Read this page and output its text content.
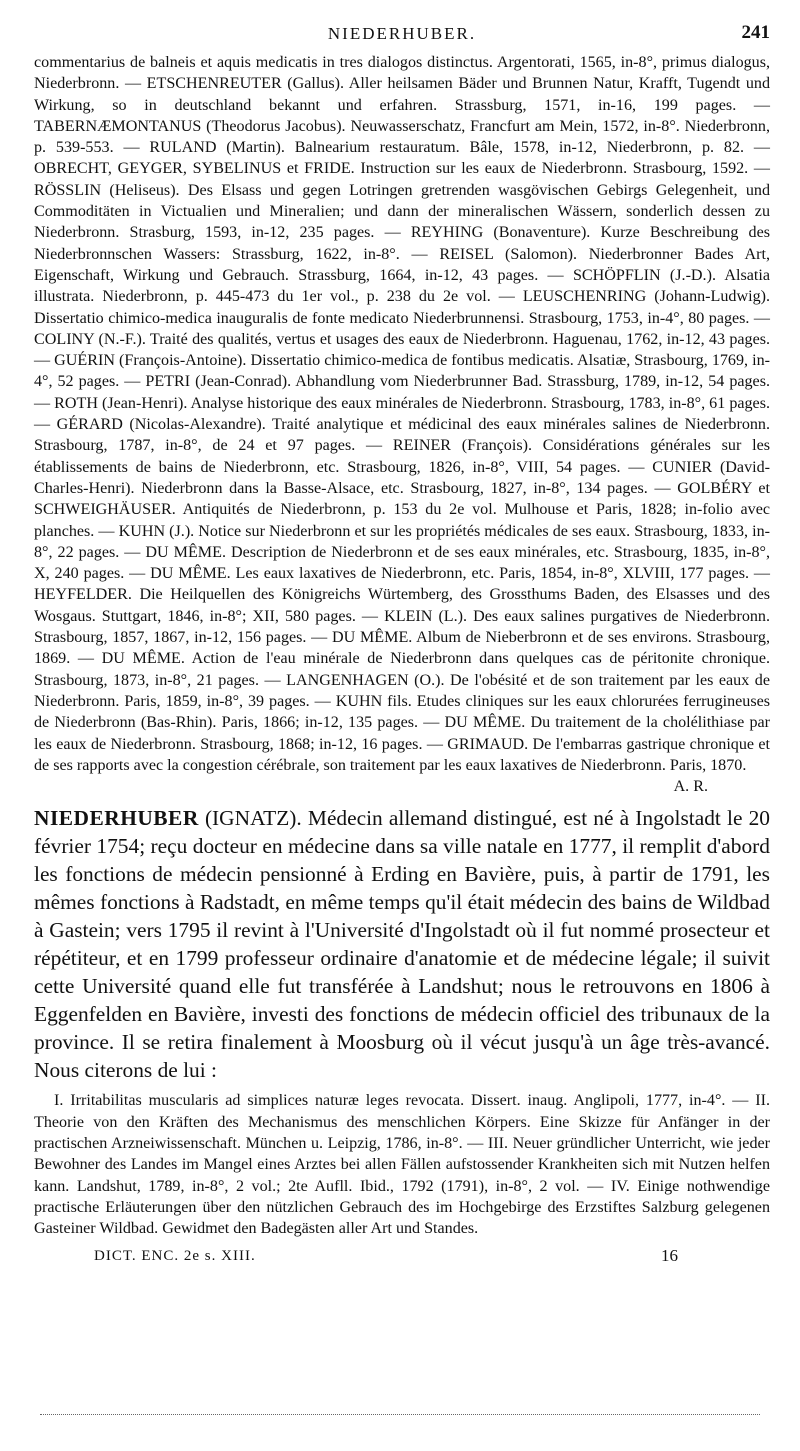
NIEDERHUBER.	241

commentarius de balneis et aquis medicatis in tres dialogos distinctus. Argentorati, 1565, in-8°, primus dialogus, Niederbronn. — ETSCHENREUTER (Gallus). Aller heilsamen Bäder und Brunnen Natur, Krafft, Tugendt und Wirkung, so in deutschland bekannt und erfahren. Strassburg, 1571, in-16, 199 pages. — TABERNÆMONTANUS (Theodorus Jacobus). Neuwasserschatz, Francfurt am Mein, 1572, in-8°. Niederbronn, p. 539-553. — RULAND (Martin). Balnearium restauratum. Bâle, 1578, in-12, Niederbronn, p. 82. — OBRECHT, GEYGER, SYBELINUS et FRIDE. Instruction sur les eaux de Niederbronn. Strasbourg, 1592. — RÖSSLIN (Heliseus). Des Elsass und gegen Lotringen gretrenden wasgövischen Gebirgs Gelegenheit, und Commoditäten in Victualien und Mineralien; und dann der mineralischen Wässern, sonderlich dessen zu Niederbronn. Strasburg, 1593, in-12, 235 pages. — REYHING (Bonaventure). Kurze Beschreibung des Niederbronnschen Wassers: Strassburg, 1622, in-8°. — REISEL (Salomon). Niederbronner Bades Art, Eigenschaft, Wirkung und Gebrauch. Strassburg, 1664, in-12, 43 pages. — SCHÖPFLIN (J.-D.). Alsatia illustrata. Niederbronn, p. 445-473 du 1er vol., p. 238 du 2e vol. — LEUSCHENRING (Johann-Ludwig). Dissertatio chimico-medica inauguralis de fonte medicato Niederbrunnensi. Strasbourg, 1753, in-4°, 80 pages. — COLINY (N.-F.). Traité des qualités, vertus et usages des eaux de Niederbronn. Haguenau, 1762, in-12, 43 pages. — GUÉRIN (François-Antoine). Dissertatio chimico-medica de fontibus medicatis. Alsatiæ, Strasbourg, 1769, in-4°, 52 pages. — PETRI (Jean-Conrad). Abhandlung vom Niederbrunner Bad. Strassburg, 1789, in-12, 54 pages. — ROTH (Jean-Henri). Analyse historique des eaux minérales de Niederbronn. Strasbourg, 1783, in-8°, 61 pages. — GÉRARD (Nicolas-Alexandre). Traité analytique et médicinal des eaux minérales salines de Niederbronn. Strasbourg, 1787, in-8°, de 24 et 97 pages. — REINER (François). Considérations générales sur les établissements de bains de Niederbronn, etc. Strasbourg, 1826, in-8°, VIII, 54 pages. — CUNIER (David-Charles-Henri). Niederbronn dans la Basse-Alsace, etc. Strasbourg, 1827, in-8°, 134 pages. — GOLBÉRY et SCHWEIGHÄUSER. Antiquités de Niederbronn, p. 153 du 2e vol. Mulhouse et Paris, 1828; in-folio avec planches. — KUHN (J.). Notice sur Niederbronn et sur les propriétés médicales de ses eaux. Strasbourg, 1833, in-8°, 22 pages. — DU MÊME. Description de Niederbronn et de ses eaux minérales, etc. Strasbourg, 1835, in-8°, X, 240 pages. — DU MÊME. Les eaux laxatives de Niederbronn, etc. Paris, 1854, in-8°, XLVIII, 177 pages. — HEYFELDER. Die Heilquellen des Königreichs Würtemberg, des Grossthums Baden, des Elsasses und des Wosgaus. Stuttgart, 1846, in-8°; XII, 580 pages. — KLEIN (L.). Des eaux salines purgatives de Niederbronn. Strasbourg, 1857, 1867, in-12, 156 pages. — DU MÊME. Album de Nieberbronn et de ses environs. Strasbourg, 1869. — DU MÊME. Action de l'eau minérale de Niederbronn dans quelques cas de péritonite chronique. Strasbourg, 1873, in-8°, 21 pages. — LANGENHAGEN (O.). De l'obésité et de son traitement par les eaux de Niederbronn. Paris, 1859, in-8°, 39 pages. — KUHN fils. Etudes cliniques sur les eaux chlorurées ferrugineuses de Niederbronn (Bas-Rhin). Paris, 1866; in-12, 135 pages. — DU MÊME. Du traitement de la cholélithiase par les eaux de Niederbronn. Strasbourg, 1868; in-12, 16 pages. — GRIMAUD. De l'embarras gastrique chronique et de ses rapports avec la congestion cérébrale, son traitement par les eaux laxatives de Niederbronn. Paris, 1870.

A. R.

NIEDERHUBER (IGNATZ). Médecin allemand distingué, est né à Ingolstadt le 20 février 1754; reçu docteur en médecine dans sa ville natale en 1777, il remplit d'abord les fonctions de médecin pensionné à Erding en Bavière, puis, à partir de 1791, les mêmes fonctions à Radstadt, en même temps qu'il était médecin des bains de Wildbad à Gastein; vers 1795 il revint à l'Université d'Ingolstadt où il fut nommé prosecteur et répétiteur, et en 1799 professeur ordinaire d'anatomie et de médecine légale; il suivit cette Université quand elle fut transférée à Landshut; nous le retrouvons en 1806 à Eggenfelden en Bavière, investi des fonctions de médecin officiel des tribunaux de la province. Il se retira finalement à Moosburg où il vécut jusqu'à un âge très-avancé. Nous citerons de lui :

I. Irritabilitas muscularis ad simplices naturæ leges revocata. Dissert. inaug. Anglipoli, 1777, in-4°. — II. Theorie von den Kräften des Mechanismus des menschlichen Körpers. Eine Skizze für Anfänger in der practischen Arzneiwissenschaft. München u. Leipzig, 1786, in-8°. — III. Neuer gründlicher Unterricht, wie jeder Bewohner des Landes im Mangel eines Arztes bei allen Fällen aufstossender Krankheiten sich mit Nutzen helfen kann. Landshut, 1789, in-8°, 2 vol.; 2te Aufll. Ibid., 1792 (1791), in-8°, 2 vol. — IV. Einige nothwendige practische Erläuterungen über den nützlichen Gebrauch des im Hochgebirge des Erzstiftes Salzburg gelegenen Gasteiner Wildbad. Gewidmet den Badegästen aller Art und Standes.

DICT. ENC. 2e s. XIII.	16
